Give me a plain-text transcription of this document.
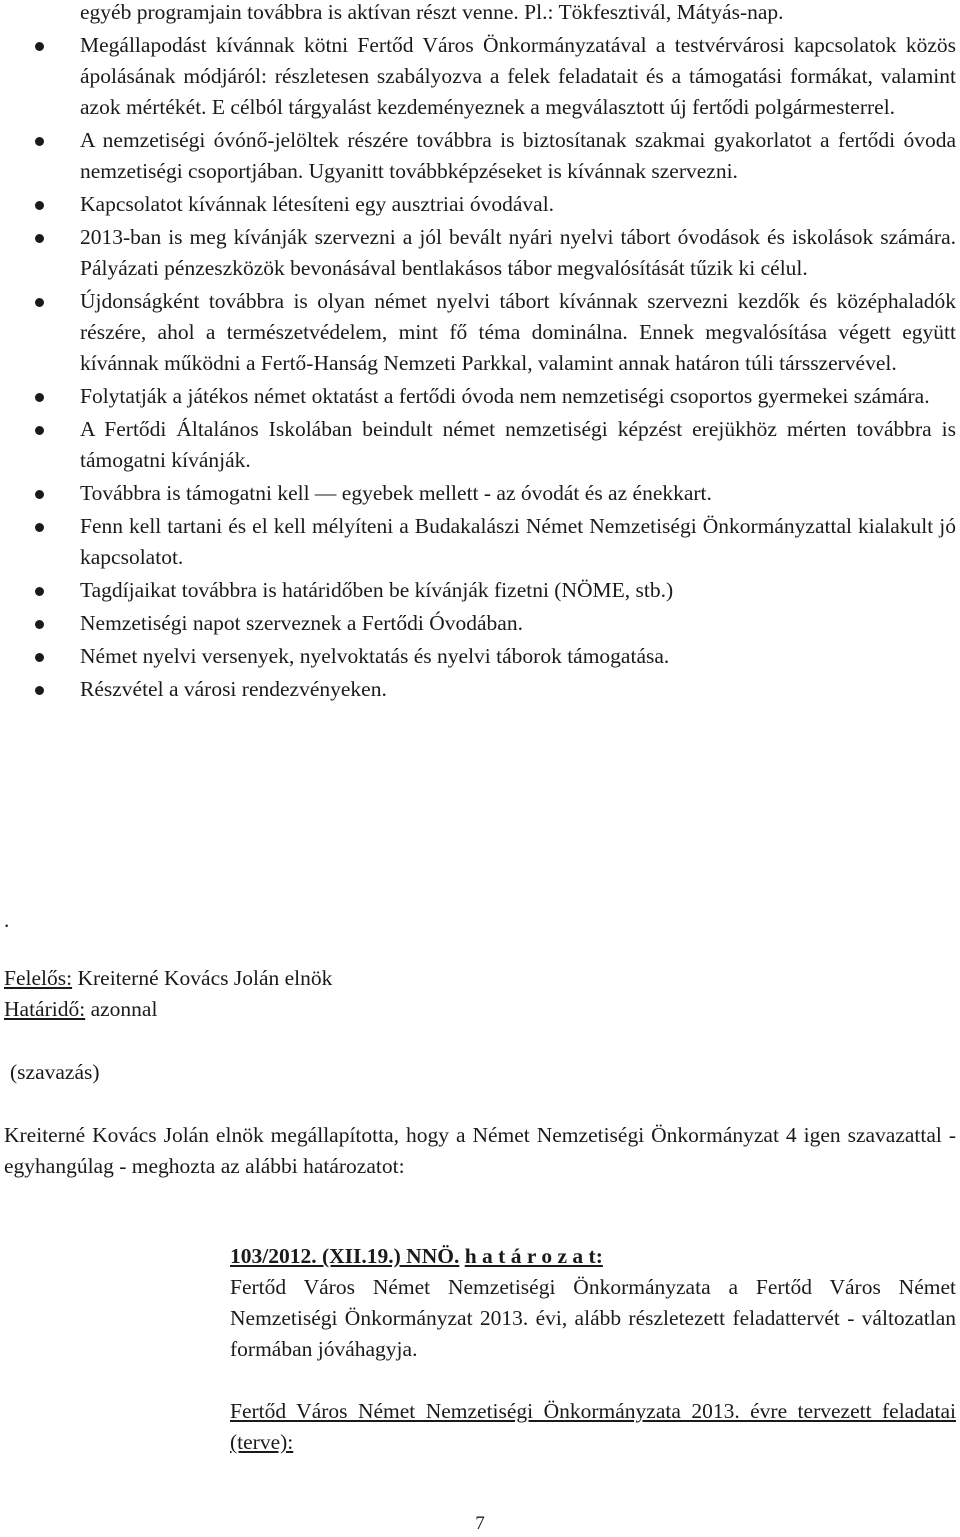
egyéb programjain továbbra is aktívan részt venne. Pl.: Tökfesztivál, Mátyás-nap.
Megállapodást kívánnak kötni Fertőd Város Önkormányzatával a testvérvárosi kapcsolatok közös ápolásának módjáról: részletesen szabályozva a felek feladatait és a támogatási formákat, valamint azok mértékét. E célból tárgyalást kezdeményeznek a megválasztott új fertődi polgármesterrel.
A nemzetiségi óvónő-jelöltek részére továbbra is biztosítanak szakmai gyakorlatot a fertődi óvoda nemzetiségi csoportjában. Ugyanitt továbbképzéseket is kívánnak szervezni.
Kapcsolatot kívánnak létesíteni egy ausztriai óvodával.
2013-ban is meg kívánják szervezni a jól bevált nyári nyelvi tábort óvodások és iskolások számára. Pályázati pénzeszközök bevonásával bentlakásos tábor megvalósítását tűzik ki célul.
Újdonságként továbbra is olyan német nyelvi tábort kívánnak szervezni kezdők és középhaladók részére, ahol a természetvédelem, mint fő téma dominálna. Ennek megvalósítása végett együtt kívánnak működni a Fertő-Hanság Nemzeti Parkkal, valamint annak határon túli társszervével.
Folytatják a játékos német oktatást a fertődi óvoda nem nemzetiségi csoportos gyermekei számára.
A Fertődi Általános Iskolában beindult német nemzetiségi képzést erejükhöz mérten továbbra is támogatni kívánják.
Továbbra is támogatni kell — egyebek mellett - az óvodát és az énekkart.
Fenn kell tartani és el kell mélyíteni a Budakalászi Német Nemzetiségi Önkormányzattal kialakult jó kapcsolatot.
Tagdíjaikat továbbra is határidőben be kívánják fizetni (NÖME, stb.)
Nemzetiségi napot szerveznek a Fertődi Óvodában.
Német nyelvi versenyek, nyelvoktatás és nyelvi táborok támogatása.
Részvétel a városi rendezvényeken.
.
Felelős: Kreiterné Kovács Jolán elnök
Határidő: azonnal
(szavazás)
Kreiterné Kovács Jolán elnök megállapította, hogy a Német Nemzetiségi Önkormányzat 4 igen szavazattal - egyhangúlag - meghozta az alábbi határozatot:
103/2012. (XII.19.) NNÖ. h a t á r o z a t:
Fertőd Város Német Nemzetiségi Önkormányzata a Fertőd Város Német Nemzetiségi Önkormányzat 2013. évi, alább részletezett feladattervét - változatlan formában jóváhagyja.
Fertőd Város Német Nemzetiségi Önkormányzata 2013. évre tervezett feladatai (terve):
7
